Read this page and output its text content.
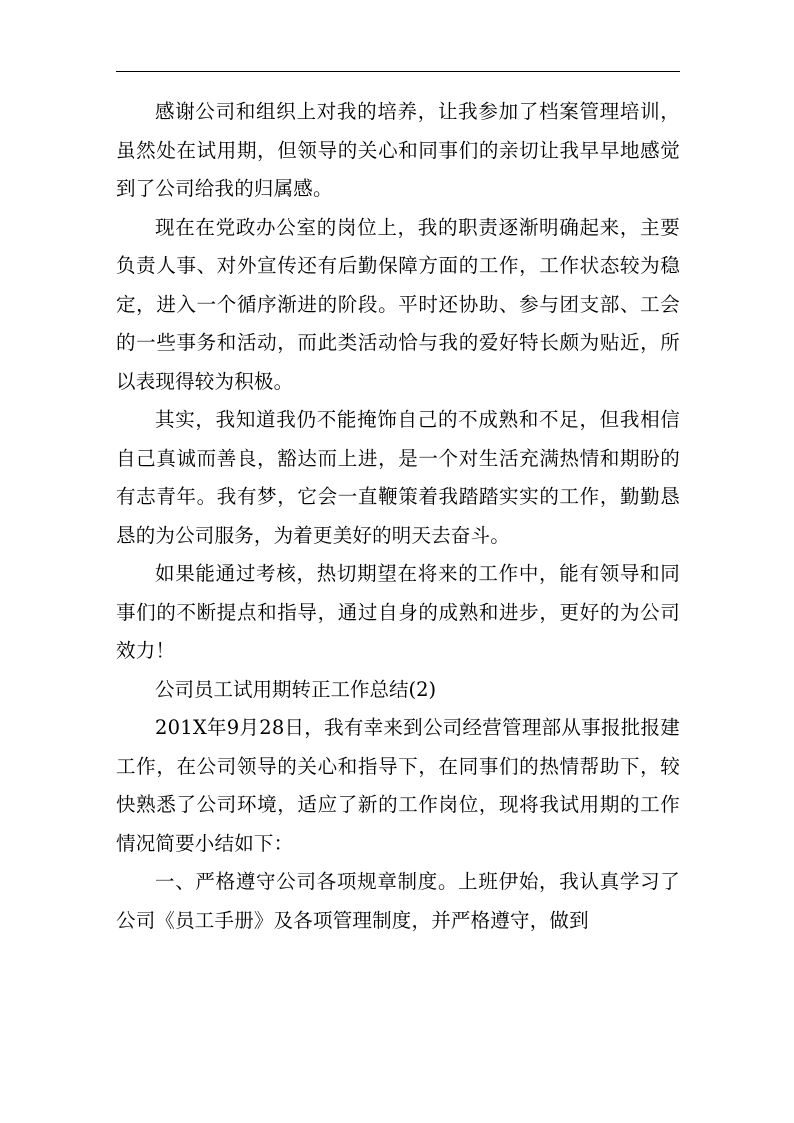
感谢公司和组织上对我的培养，让我参加了档案管理培训，虽然处在试用期，但领导的关心和同事们的亲切让我早早地感觉到了公司给我的归属感。

现在在党政办公室的岗位上，我的职责逐渐明确起来，主要负责人事、对外宣传还有后勤保障方面的工作，工作状态较为稳定，进入一个循序渐进的阶段。平时还协助、参与团支部、工会的一些事务和活动，而此类活动恰与我的爱好特长颇为贴近，所以表现得较为积极。

其实，我知道我仍不能掩饰自己的不成熟和不足，但我相信自己真诚而善良，豁达而上进，是一个对生活充满热情和期盼的有志青年。我有梦，它会一直鞭策着我踏踏实实的工作，勤勤恳恳的为公司服务，为着更美好的明天去奋斗。

如果能通过考核，热切期望在将来的工作中，能有领导和同事们的不断提点和指导，通过自身的成熟和进步，更好的为公司效力！

公司员工试用期转正工作总结(2)

201X年9月28日，我有幸来到公司经营管理部从事报批报建工作，在公司领导的关心和指导下，在同事们的热情帮助下，较快熟悉了公司环境，适应了新的工作岗位，现将我试用期的工作情况简要小结如下：

一、严格遵守公司各项规章制度。上班伊始，我认真学习了公司《员工手册》及各项管理制度，并严格遵守，做到
